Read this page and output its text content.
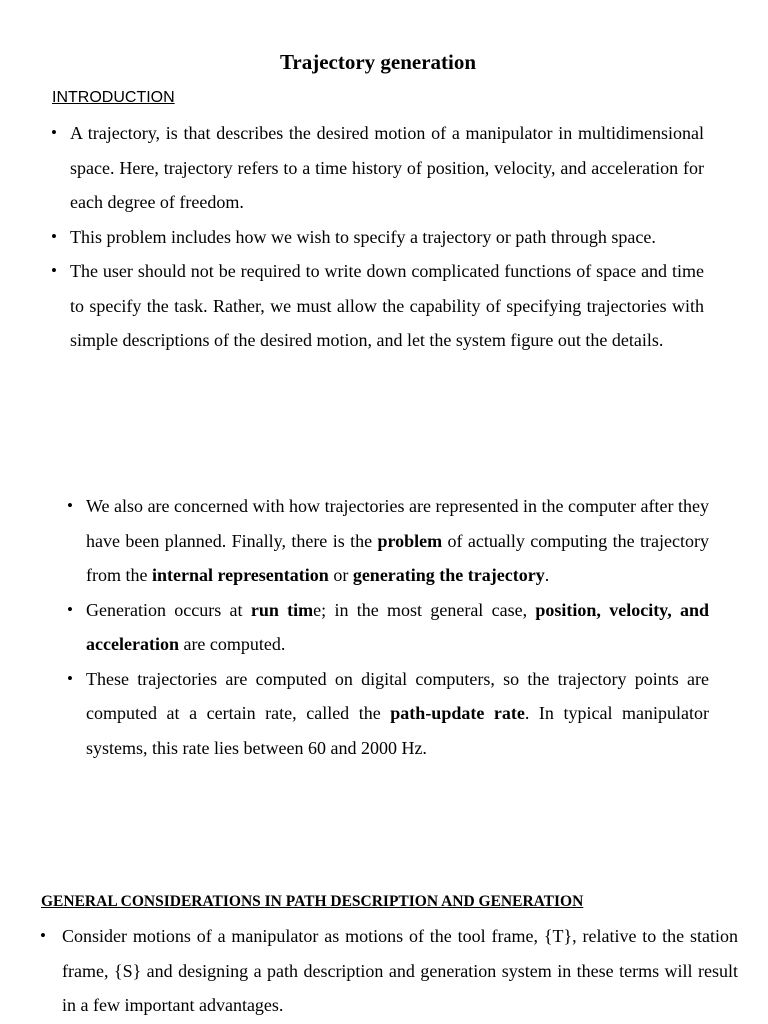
Trajectory generation
INTRODUCTION
• A trajectory, is that describes the desired motion of a manipulator in multidimensional space. Here, trajectory refers to a time history of position, velocity, and acceleration for each degree of freedom.
• This problem includes how we wish to specify a trajectory or path through space.
• The user should not be required to write down complicated functions of space and time to specify the task. Rather, we must allow the capability of specifying trajectories with simple descriptions of the desired motion, and let the system figure out the details.
• We also are concerned with how trajectories are represented in the computer after they have been planned. Finally, there is the problem of actually computing the trajectory from the internal representation or generating the trajectory.
• Generation occurs at run time; in the most general case, position, velocity, and acceleration are computed.
• These trajectories are computed on digital computers, so the trajectory points are computed at a certain rate, called the path-update rate. In typical manipulator systems, this rate lies between 60 and 2000 Hz.
GENERAL CONSIDERATIONS IN PATH DESCRIPTION AND GENERATION
• Consider motions of a manipulator as motions of the tool frame, {T}, relative to the station frame, {S} and designing a path description and generation system in these terms will result in a few important advantages.
